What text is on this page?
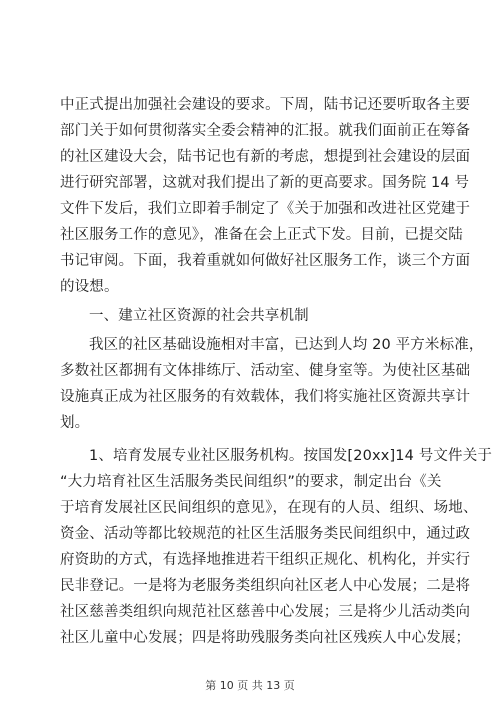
中正式提出加强社会建设的要求。下周，陆书记还要听取各主要
部门关于如何贯彻落实全委会精神的汇报。就我们面前正在筹备
的社区建设大会，陆书记也有新的考虑，想提到社会建设的层面
进行研究部署，这就对我们提出了新的更高要求。国务院 14 号
文件下发后，我们立即着手制定了《关于加强和改进社区党建于
社区服务工作的意见》，准备在会上正式下发。目前，已提交陆
书记审阅。下面，我着重就如何做好社区服务工作，谈三个方面
的设想。

一、建立社区资源的社会共享机制

我区的社区基础设施相对丰富，已达到人均 20 平方米标准，
多数社区都拥有文体排练厅、活动室、健身室等。为使社区基础
设施真正成为社区服务的有效载体，我们将实施社区资源共享计
划。

1、培育发展专业社区服务机构。按国发[20xx]14 号文件关于
“大力培育社区生活服务类民间组织”的要求，制定出台《关
于培育发展社区民间组织的意见》，在现有的人员、组织、场地、
资金、活动等都比较规范的社区生活服务类民间组织中，通过政
府资助的方式，有选择地推进若干组织正规化、机构化，并实行
民非登记。一是将为老服务类组织向社区老人中心发展；二是将
社区慈善类组织向规范社区慈善中心发展；三是将少儿活动类向
社区儿童中心发展；四是将助残服务类向社区残疾人中心发展；

第 10 页 共 13 页
